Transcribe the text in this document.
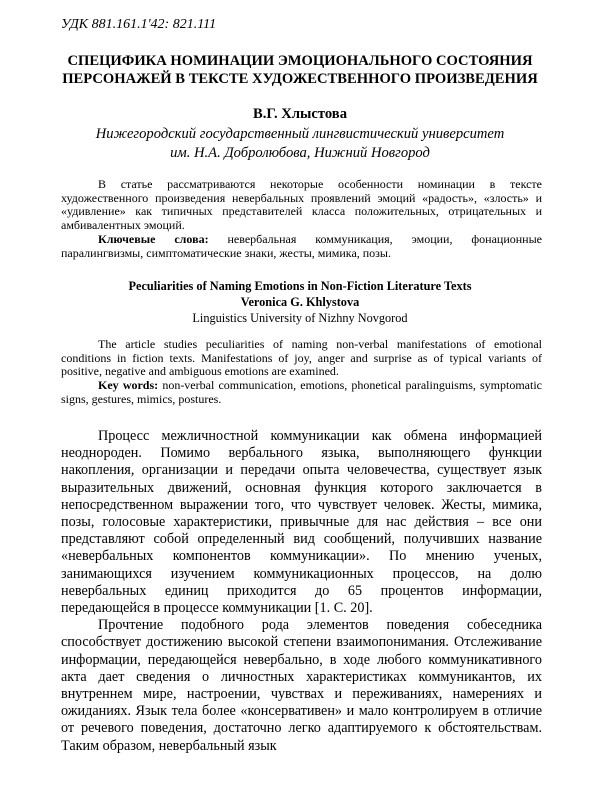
УДК 881.161.1'42: 821.111
СПЕЦИФИКА НОМИНАЦИИ ЭМОЦИОНАЛЬНОГО СОСТОЯНИЯ ПЕРСОНАЖЕЙ В ТЕКСТЕ ХУДОЖЕСТВЕННОГО ПРОИЗВЕДЕНИЯ
В.Г. Хлыстова
Нижегородский государственный лингвистический университет
им. Н.А. Добролюбова, Нижний Новгород
В статье рассматриваются некоторые особенности номинации в тексте художественного произведения невербальных проявлений эмоций «радость», «злость» и «удивление» как типичных представителей класса положительных, отрицательных и амбивалентных эмоций.
Ключевые слова: невербальная коммуникация, эмоции, фонационные паралингвизмы, симптоматические знаки, жесты, мимика, позы.
Peculiarities of Naming Emotions in Non-Fiction Literature Texts
Veronica G. Khlystova
Linguistics University of Nizhny Novgorod
The article studies peculiarities of naming non-verbal manifestations of emotional conditions in fiction texts. Manifestations of joy, anger and surprise as of typical variants of positive, negative and ambiguous emotions are examined.
Key words: non-verbal communication, emotions, phonetical paralinguisms, symptomatic signs, gestures, mimics, postures.

Процесс межличностной коммуникации как обмена информацией неоднороден. Помимо вербального языка, выполняющего функции накопления, организации и передачи опыта человечества, существует язык выразительных движений, основная функция которого заключается в непосредственном выражении того, что чувствует человек. Жесты, мимика, позы, голосовые характеристики, привычные для нас действия – все они представляют собой определенный вид сообщений, получивших название «невербальных компонентов коммуникации». По мнению ученых, занимающихся изучением коммуникационных процессов, на долю невербальных единиц приходится до 65 процентов информации, передающейся в процессе коммуникации [1. С. 20].

Прочтение подобного рода элементов поведения собеседника способствует достижению высокой степени взаимопонимания. Отслеживание информации, передающейся невербально, в ходе любого коммуникативного акта дает сведения о личностных характеристиках коммуникантов, их внутреннем мире, настроении, чувствах и переживаниях, намерениях и ожиданиях. Язык тела более «консервативен» и мало контролируем в отличие от речевого поведения, достаточно легко адаптируемого к обстоятельствам. Таким образом, невербальный язык
